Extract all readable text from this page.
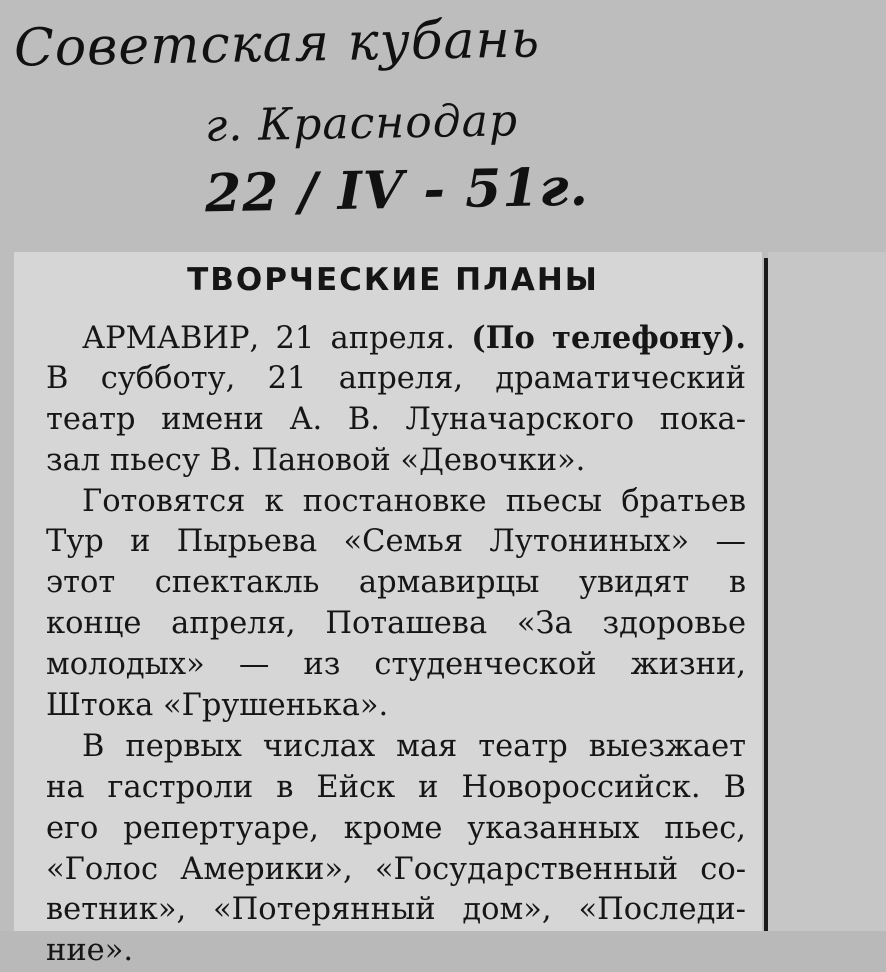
Советская кубань
г. Краснодар
22 / IV - 51г.
ТВОРЧЕСКИЕ ПЛАНЫ
АРМАВИР, 21 апреля. (По телефону).
В субботу, 21 апреля, драматический
театр имени А. В. Луначарского пока-
зал пьесу В. Пановой «Девочки».
Готовятся к постановке пьесы братьев
Тур и Пырьева «Семья Лутониных» —
этот спектакль армавирцы увидят в
конце апреля, Поташева «За здоровье
молодых» — из студенческой жизни,
Штока «Грушенька».
В первых числах мая театр выезжает
на гастроли в Ейск и Новороссийск. В
его репертуаре, кроме указанных пьес,
«Голос Америки», «Государственный со-
ветник», «Потерянный дом», «Последи-
ние».
